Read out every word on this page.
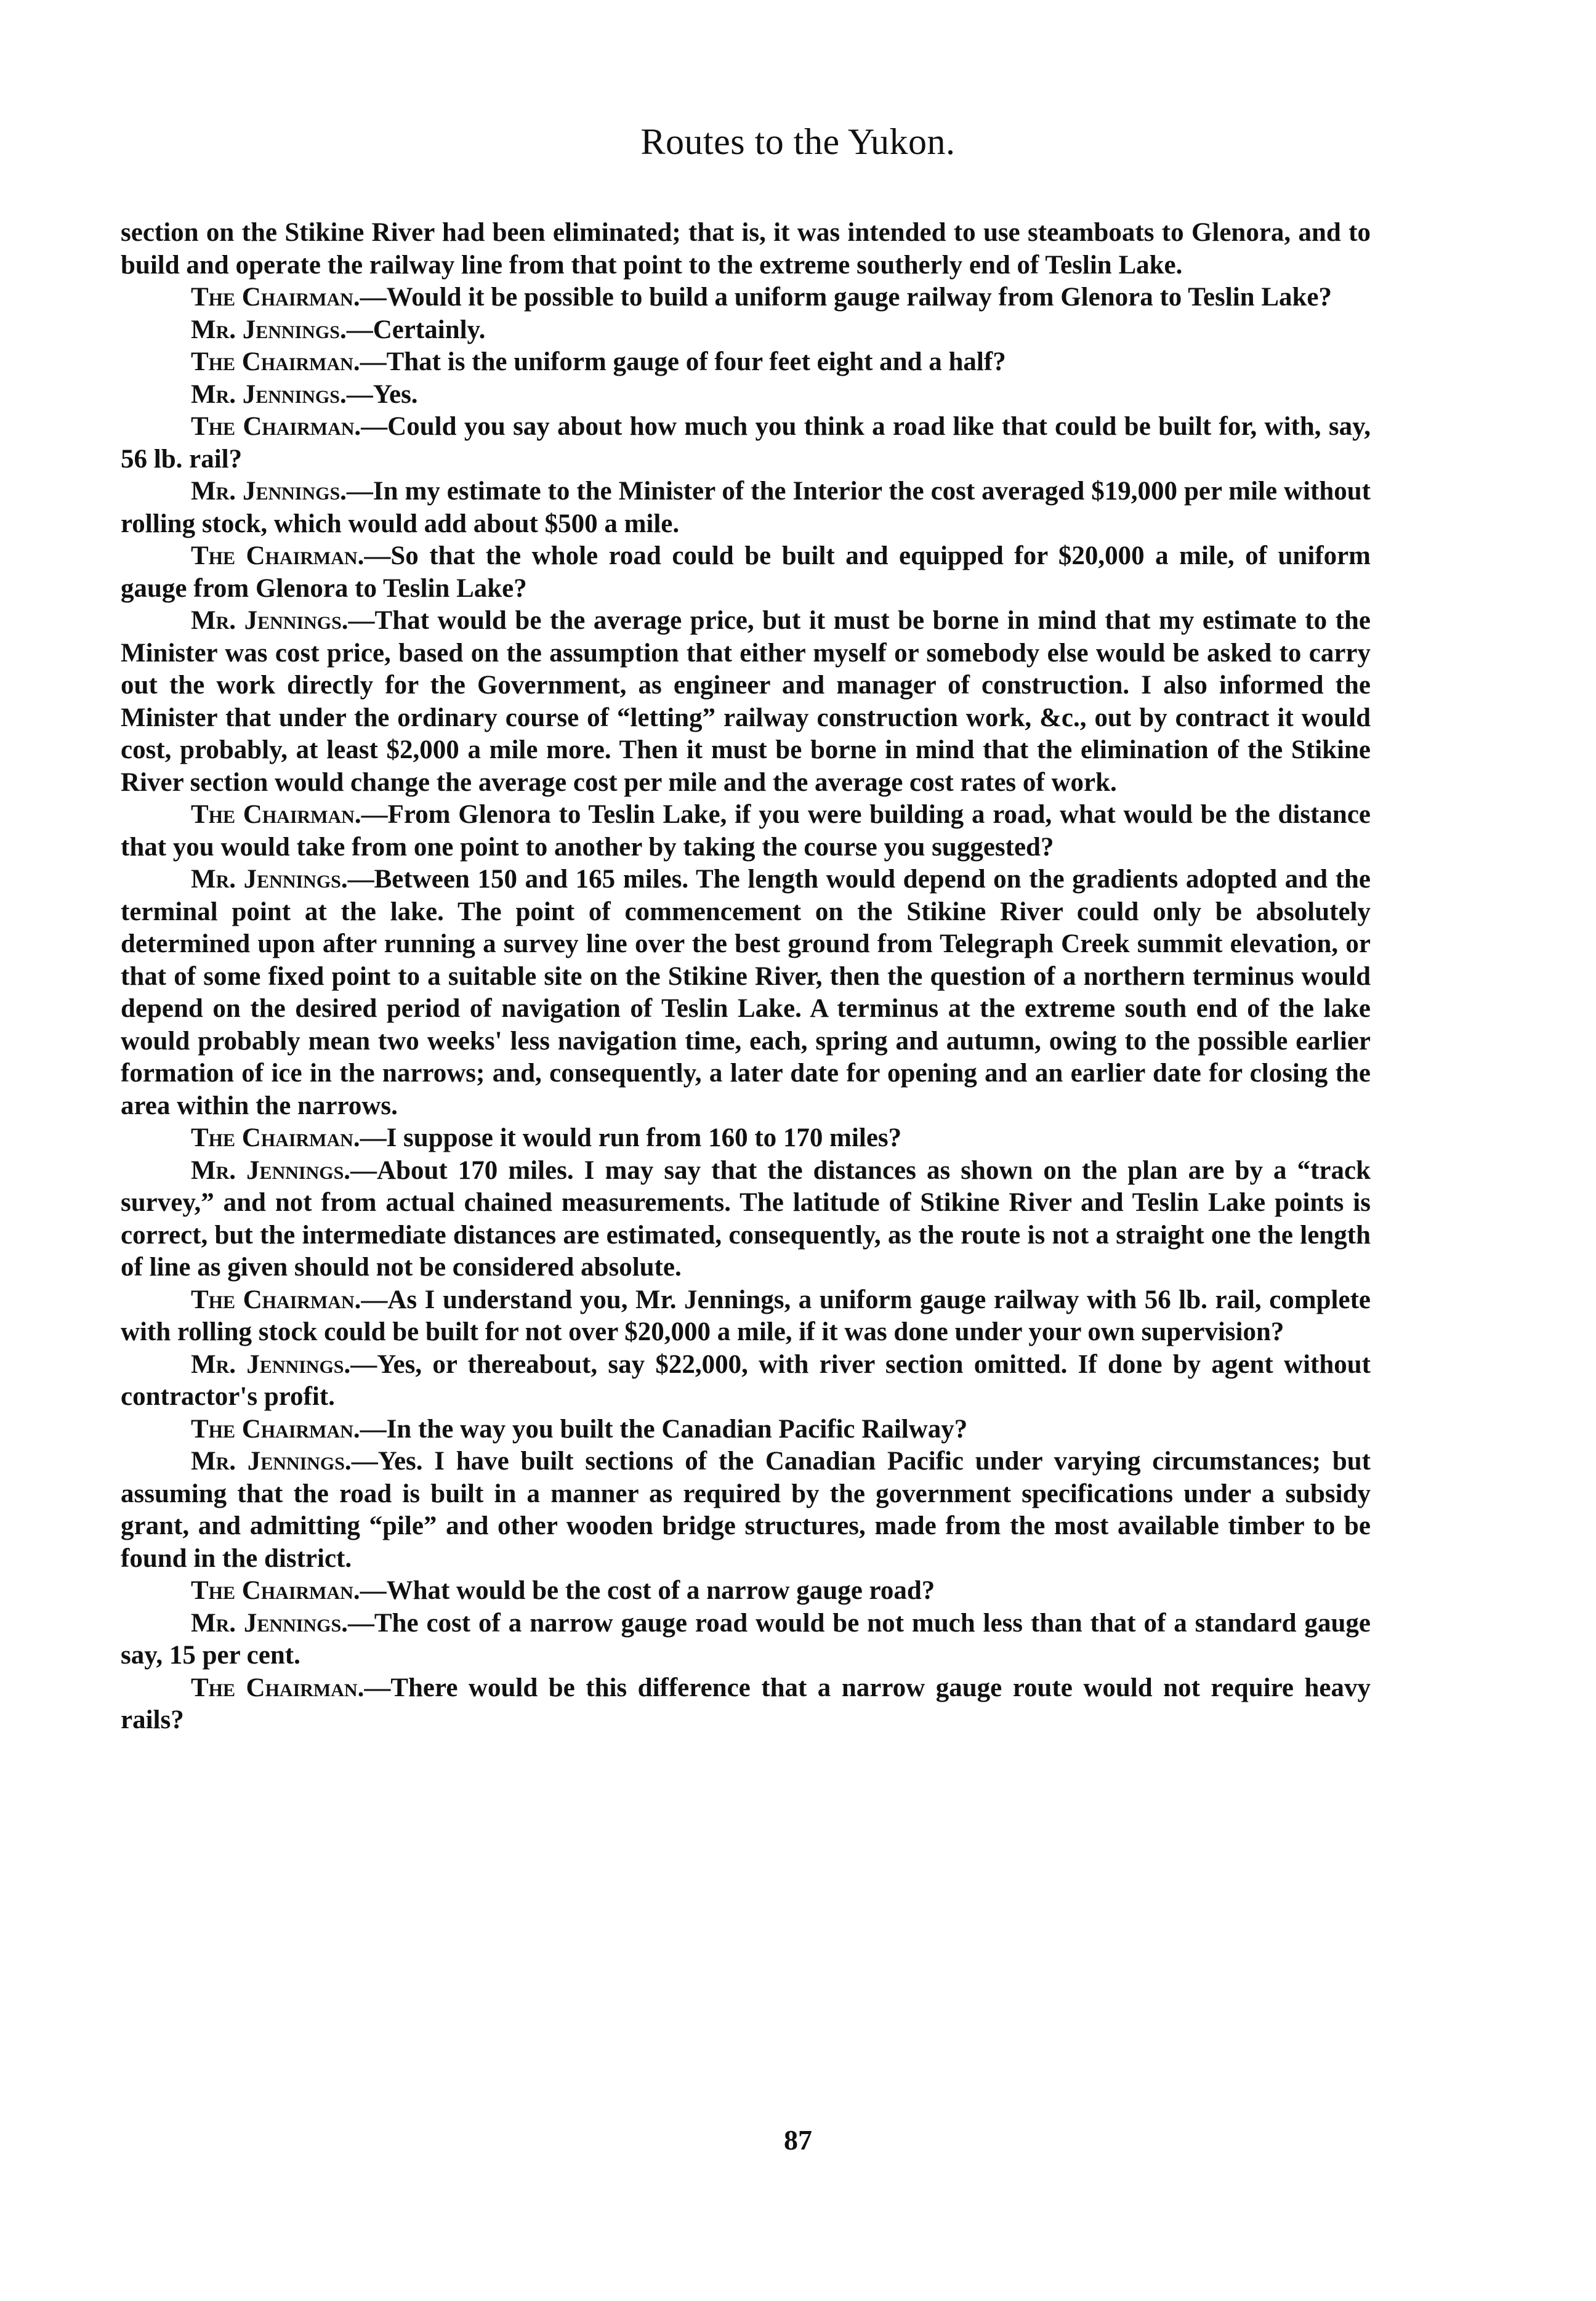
Routes to the Yukon.

section on the Stikine River had been eliminated; that is, it was intended to use steamboats to Glenora, and to build and operate the railway line from that point to the extreme southerly end of Teslin Lake.

The Chairman.—Would it be possible to build a uniform gauge railway from Glenora to Teslin Lake?

Mr. Jennings.—Certainly.

The Chairman.—That is the uniform gauge of four feet eight and a half?

Mr. Jennings.—Yes.

The Chairman.—Could you say about how much you think a road like that could be built for, with, say, 56 lb. rail?

Mr. Jennings.—In my estimate to the Minister of the Interior the cost averaged $19,000 per mile without rolling stock, which would add about $500 a mile.

The Chairman.—So that the whole road could be built and equipped for $20,000 a mile, of uniform gauge from Glenora to Teslin Lake?

Mr. Jennings.—That would be the average price, but it must be borne in mind that my estimate to the Minister was cost price, based on the assumption that either myself or somebody else would be asked to carry out the work directly for the Government, as engineer and manager of construction. I also informed the Minister that under the ordinary course of “letting” railway construction work, &c., out by contract it would cost, probably, at least $2,000 a mile more. Then it must be borne in mind that the elimination of the Stikine River section would change the average cost per mile and the average cost rates of work.

The Chairman.—From Glenora to Teslin Lake, if you were building a road, what would be the distance that you would take from one point to another by taking the course you suggested?

Mr. Jennings.—Between 150 and 165 miles. The length would depend on the gradients adopted and the terminal point at the lake. The point of commencement on the Stikine River could only be absolutely determined upon after running a survey line over the best ground from Telegraph Creek summit elevation, or that of some fixed point to a suitable site on the Stikine River, then the question of a northern terminus would depend on the desired period of navigation of Teslin Lake. A terminus at the extreme south end of the lake would probably mean two weeks' less navigation time, each, spring and autumn, owing to the possible earlier formation of ice in the narrows; and, consequently, a later date for opening and an earlier date for closing the area within the narrows.

The Chairman.—I suppose it would run from 160 to 170 miles?

Mr. Jennings.—About 170 miles. I may say that the distances as shown on the plan are by a “track survey,” and not from actual chained measurements. The latitude of Stikine River and Teslin Lake points is correct, but the intermediate distances are estimated, consequently, as the route is not a straight one the length of line as given should not be considered absolute.

The Chairman.—As I understand you, Mr. Jennings, a uniform gauge railway with 56 lb. rail, complete with rolling stock could be built for not over $20,000 a mile, if it was done under your own supervision?

Mr. Jennings.—Yes, or thereabout, say $22,000, with river section omitted. If done by agent without contractor's profit.

The Chairman.—In the way you built the Canadian Pacific Railway?

Mr. Jennings.—Yes. I have built sections of the Canadian Pacific under varying circumstances; but assuming that the road is built in a manner as required by the government specifications under a subsidy grant, and admitting “pile” and other wooden bridge structures, made from the most available timber to be found in the district.

The Chairman.—What would be the cost of a narrow gauge road?

Mr. Jennings.—The cost of a narrow gauge road would be not much less than that of a standard gauge say, 15 per cent.

The Chairman.—There would be this difference that a narrow gauge route would not require heavy rails?

87
